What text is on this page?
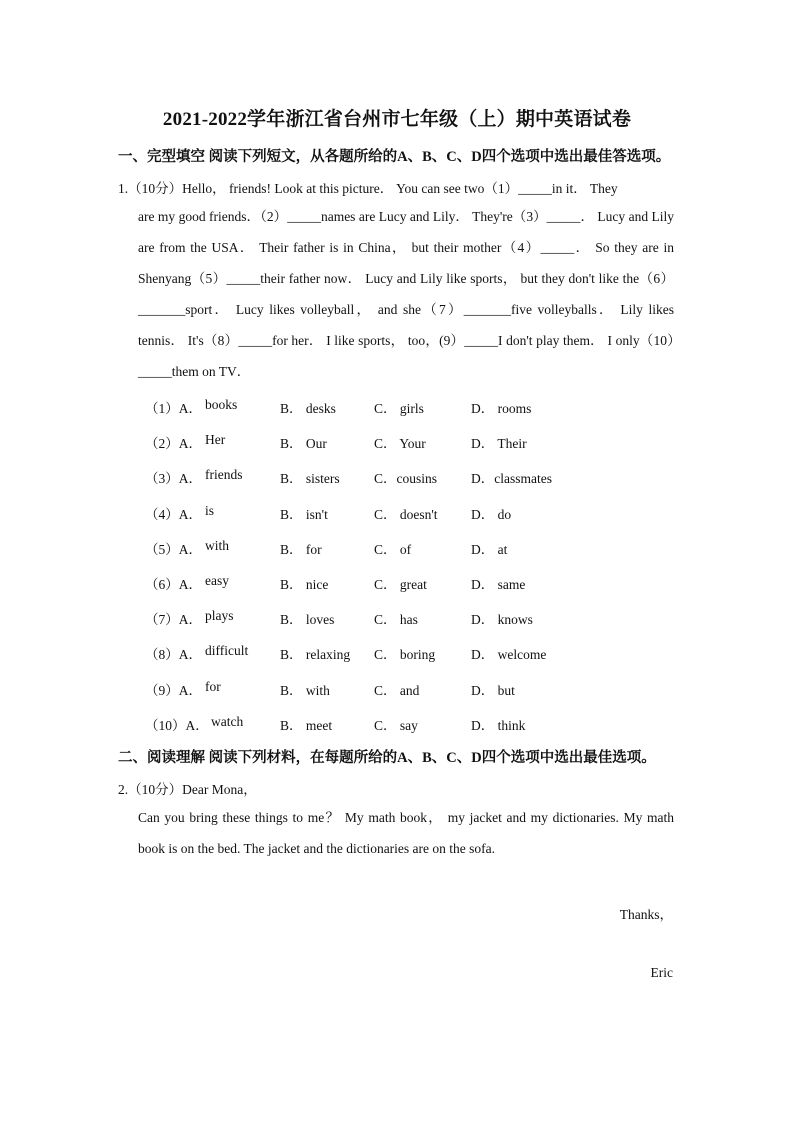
2021-2022学年浙江省台州市七年级（上）期中英语试卷
一、完型填空 阅读下列短文，从各题所给的A、B、C、D四个选项中选出最佳答选项。
1.（10分）Hello， friends! Look at this picture． You can see two（1）_____in it． They

are my good friends．（2）_____names are Lucy and Lily． They're（3）_____． Lucy and Lily are from the USA． Their father is in China， but their mother（4）_____． So they are in Shenyang（5）_____their father now． Lucy and Lily like sports， but they don't like the（6）_______sport． Lucy likes volleyball， and she（7）_______five volleyballs． Lily likes tennis． It's（8）_____for her． I like sports， too，(9）_____I don't play them． I only（10）_____them on TV．

（1）A． books	B． desks	C． girls	D． rooms
（2）A． Her	B． Our	C． Your	D． Their
（3）A． friends	B． sisters	C．cousins	D．classmates
（4）A． is	B． isn't	C． doesn't D． do
（5）A． with	B． for	C． of	D． at
（6）A． easy	B． nice	C． great	D． same
（7）A． plays	B． loves	C． has	D． knows
（8）A． difficult B． relaxing C． boring	D． welcome
（9）A． for	B． with	C． and	D． but
（10）A． watch	B． meet	C． say	D． think
二、阅读理解 阅读下列材料，在每题所给的A、B、C、D四个选项中选出最佳选项。
2.（10分）Dear Mona，

Can you bring these things to me？ My math book， my jacket and my dictionaries. My math book is on the bed. The jacket and the dictionaries are on the sofa.

Thanks，
Eric
